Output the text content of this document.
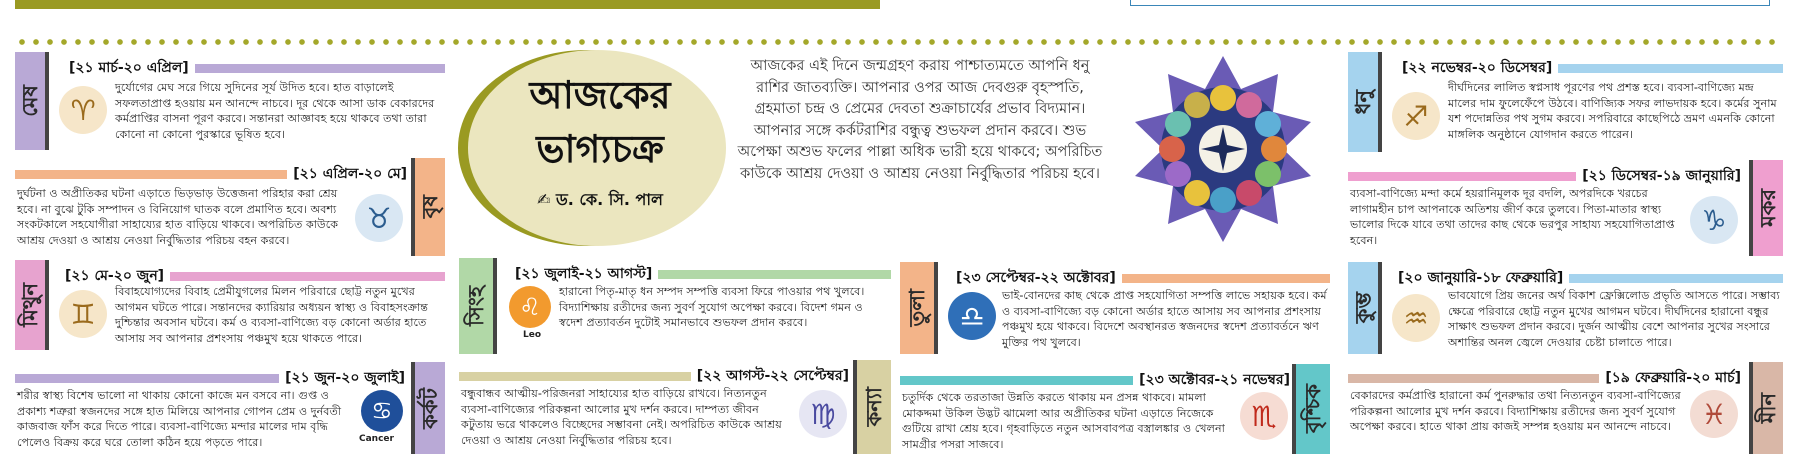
মেষ
[২১ মার্চ-২০ এপ্রিল]
♈
দুর্যোগের মেঘ সরে গিয়ে সুদিনের সূর্য উদিত হবে। হাত বাড়ালেই সফলতাপ্রাপ্ত হওয়ায় মন আনন্দে নাচবে। দূর থেকে আসা ডাক বেকারদের কর্মপ্রাপ্তির বাসনা পূরণ করবে। সন্তানরা আজ্ঞাবহ হয়ে থাকবে তথা তারা কোনো না কোনো পুরস্কারে ভূষিত হবে।
[২১ এপ্রিল-২০ মে]
বৃষ
দুর্ঘটনা ও অপ্রীতিকর ঘটনা এড়াতে ভিড়ভাড় উত্তেজনা পরিহার করা শ্রেয় হবে। না বুঝে টুকি সম্পাদন ও বিনিয়োগ ঘাতক বলে প্রমাণিত হবে। অবশ্য সংকটকালে সহযোগীরা সাহায্যের হাত বাড়িয়ে থাকবে। অপরিচিত কাউকে আশ্রয় দেওয়া ও আশ্রয় নেওয়া নির্বুদ্ধিতার পরিচয় বহন করবে।
♉
মিথুন
[২১ মে-২০ জুন]
♊
বিবাহযোগ্যদের বিবাহ প্রেমীযুগলের মিলন পরিবারে ছোট্ট নতুন মুখের আগমন ঘটতে পারে। সন্তানদের ক্যারিয়ার অধ্যয়ন স্বাস্থ্য ও বিবাহসংক্রান্ত দুশ্চিন্তার অবসান ঘটবে। কর্ম ও ব্যবসা-বাণিজ্যে বড় কোনো অর্ডার হাতে আসায় সব আপনার প্রশংসায় পঞ্চমুখ হয়ে থাকতে পারে।
[২১ জুন-২০ জুলাই]
কর্কট
শরীর স্বাস্থ্য বিশেষ ভালো না থাকায় কোনো কাজে মন বসবে না। গুপ্ত ও প্রকাশ্য শত্রুরা স্বজনদের সঙ্গে হাত মিলিয়ে আপনার গোপন প্রেম ও দুর্নবতী কাজবাজ ফাঁস করে দিতে পারে। ব্যবসা-বাণিজ্যে মন্দার মালের দাম বৃদ্ধি পেলেও বিক্রয় করে ঘরে তোলা কঠিন হয়ে পড়তে পারে।
♋
Cancer
আজকের ভাগ্যচক্র
✍ ড. কে. সি. পাল
আজকের এই দিনে জন্মগ্রহণ করায় পাশ্চাত্যমতে আপনি ধনু রাশির জাতব্যক্তি। আপনার ওপর আজ দেবগুরু বৃহস্পতি, গ্রহমাতা চন্দ্র ও প্রেমের দেবতা শুক্রাচার্যের প্রভাব বিদ্যমান। আপনার সঙ্গে কর্কটরাশির বন্ধুত্ব শুভফল প্রদান করবে। শুভ অপেক্ষা অশুভ ফলের পাল্লা অধিক ভারী হয়ে থাকবে; অপরিচিত কাউকে আশ্রয় দেওয়া ও আশ্রয় নেওয়া নির্বুদ্ধিতার পরিচয় হবে।
সিংহ
[২১ জুলাই-২১ আগস্ট]
♌
Leo
হারানো পিতৃ-মাতৃ ধন সম্পদ সম্পত্তি ব্যবসা ফিরে পাওয়ার পথ খুলবে। বিদ্যাশিক্ষায় রতীদের জন্য সুবর্ণ সুযোগ অপেক্ষা করবে। বিদেশ গমন ও স্বদেশ প্রত্যাবর্তন দুটোই সমানভাবে শুভফল প্রদান করবে।
[২২ আগস্ট-২২ সেপ্টেম্বর]
কন্যা
বন্ধুবান্ধব আত্মীয়-পরিজনরা সাহায্যের হাত বাড়িয়ে রাখবে। নিত্যনতুন ব্যবসা-বাণিজ্যের পরিকল্পনা আলোর মুখ দর্শন করবে। দাম্পত্য জীবন কটুতায় ভরে থাকলেও বিচ্ছেদের সম্ভাবনা নেই। অপরিচিত কাউকে আশ্রয় দেওয়া ও আশ্রয় নেওয়া নির্বুদ্ধিতার পরিচয় হবে।
♍
তুলা
[২৩ সেপ্টেম্বর-২২ অক্টোবর]
♎
ভাই-বোনদের কাছ থেকে প্রাপ্ত সহযোগিতা সম্পত্তি লাভে সহায়ক হবে। কর্ম ও ব্যবসা-বাণিজ্যে বড় কোনো অর্ডার হাতে আসায় সব আপনার প্রশংসায় পঞ্চমুখ হয়ে থাকবে। বিদেশে অবস্থানরত স্বজনদের স্বদেশ প্রত্যাবর্তনে ঋণ মুক্তির পথ খুলবে।
[২৩ অক্টোবর-২১ নভেম্বর]
বৃশ্চিক
চতুর্দিক থেকে তরতাজা উন্নতি করতে থাকায় মন প্রসন্ন থাকবে। মামলা মোকদ্দমা উকিল উদ্ভট ঝামেলা আর অপ্রীতিকর ঘটনা এড়াতে নিজেকে গুটিয়ে রাখা শ্রেয় হবে। গৃহবাড়িতে নতুন আসবাবপত্র বস্ত্রালঙ্কার ও খেলনা সামগ্রীর পসরা সাজবে।
♏
ধনু
[২২ নভেম্বর-২০ ডিসেম্বর]
♐
দীর্ঘদিনের লালিত স্বপ্নসাধ পূরণের পথ প্রশস্ত হবে। ব্যবসা-বাণিজ্যে মন্দ্র মালের দাম ফুলেফেঁপে উঠবে। বাণিজ্যিক সফর লাভদায়ক হবে। কর্মের সুনাম যশ পদোন্নতির পথ সুগম করবে। সপরিবারে কাছেপিঠে ভ্রমণ এমনকি কোনো মাঙ্গলিক অনুষ্ঠানে যোগদান করতে পারেন।
[২১ ডিসেম্বর-১৯ জানুয়ারি]
মকর
ব্যবসা-বাণিজ্যে মন্দা কর্মে হয়রানিমূলক দূর বদলি, অপরদিকে খরচের লাগামহীন চাপ আপনাকে অতিশয় জীর্ণ করে তুলবে। পিতা-মাতার স্বাস্থ্য ভালোর দিকে যাবে তথা তাদের কাছ থেকে ভরপুর সাহায্য সহযোগিতাপ্রাপ্ত হবেন।
♑
কুম্ভ
[২০ জানুয়ারি-১৮ ফেব্রুয়ারি]
♒
ভাবযোগে প্রিয় জনের অর্থ বিকাশ ফ্রেক্সিলোড প্রভৃতি আসতে পারে। সম্ভাব্য ক্ষেত্রে পরিবারে ছোট্ট নতুন মুখের আগমন ঘটবে। দীর্ঘদিনের হারানো বন্ধুর সাক্ষাৎ শুভফল প্রদান করবে। দুর্জন আত্মীয় বেশে আপনার সুখের সংসারে অশান্তির অনল জ্বেলে দেওয়ার চেষ্টা চালাতে পারে।
[১৯ ফেব্রুয়ারি-২০ মার্চ]
মীন
বেকারদের কর্মপ্রাপ্তি হারানো কর্ম পুনরুদ্ধার তথা নিত্যনতুন ব্যবসা-বাণিজ্যের পরিকল্পনা আলোর মুখ দর্শন করবে। বিদ্যাশিক্ষায় রতীদের জন্য সুবর্ণ সুযোগ অপেক্ষা করবে। হাতে থাকা প্রায় কাজই সম্পন্ন হওয়ায় মন আনন্দে নাচবে।	♓
